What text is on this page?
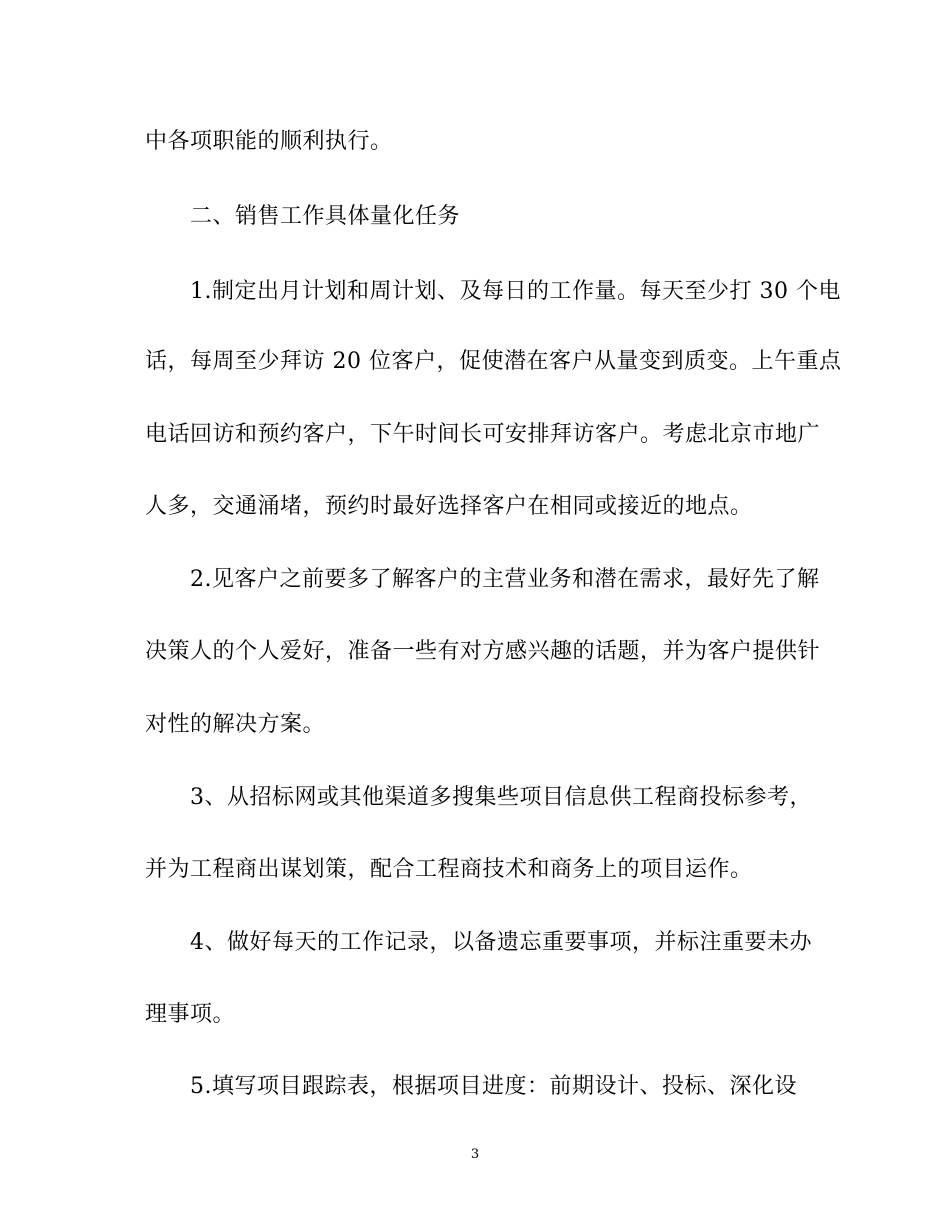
中各项职能的顺利执行。
二、销售工作具体量化任务
1.制定出月计划和周计划、及每日的工作量。每天至少打 30 个电
话，每周至少拜访 20 位客户，促使潜在客户从量变到质变。上午重点
电话回访和预约客户，下午时间长可安排拜访客户。考虑北京市地广
人多，交通涌堵，预约时最好选择客户在相同或接近的地点。
2.见客户之前要多了解客户的主营业务和潜在需求，最好先了解
决策人的个人爱好，准备一些有对方感兴趣的话题，并为客户提供针
对性的解决方案。
3、从招标网或其他渠道多搜集些项目信息供工程商投标参考，
并为工程商出谋划策，配合工程商技术和商务上的项目运作。
4、做好每天的工作记录，以备遗忘重要事项，并标注重要未办
理事项。
5.填写项目跟踪表，根据项目进度：前期设计、投标、深化设
3
